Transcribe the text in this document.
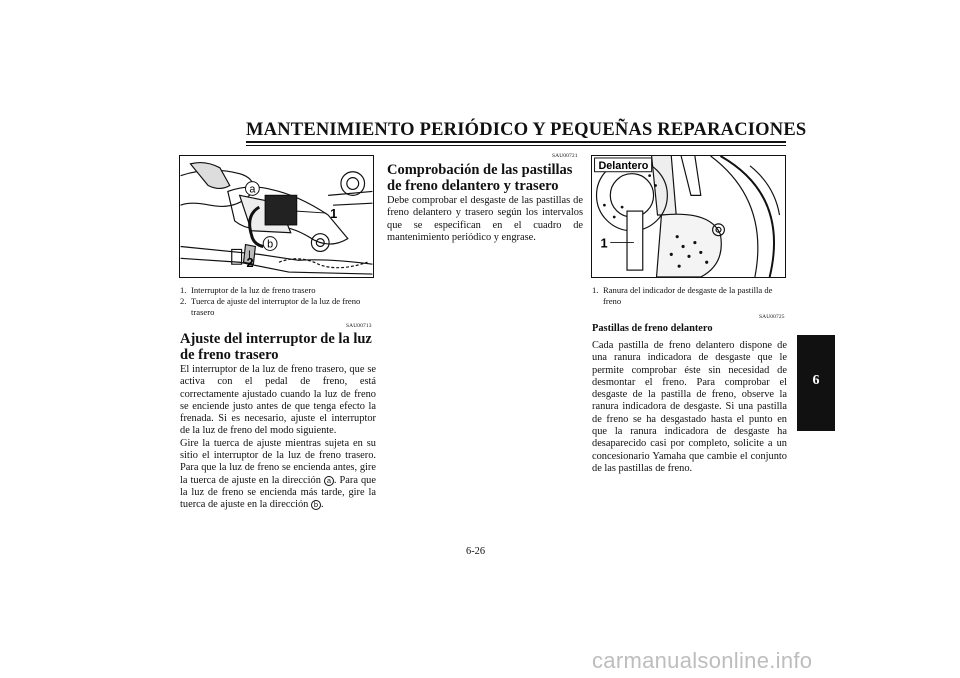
MANTENIMIENTO PERIÓDICO Y PEQUEÑAS REPARACIONES
6
a
b
1
2
1. Interruptor de la luz de freno trasero
2. Tuerca de ajuste del interruptor de la luz de freno trasero
SAU00713
Ajuste del interruptor de la luz de freno trasero

El interruptor de la luz de freno trasero, que se activa con el pedal de freno, está correctamente ajustado cuando la luz de freno se enciende justo antes de que tenga efecto la frenada. Si es necesario, ajuste el interruptor de la luz de freno del modo siguiente.

Gire la tuerca de ajuste mientras sujeta en su sitio el interruptor de la luz de freno trasero. Para que la luz de freno se encienda antes, gire la tuerca de ajuste en la dirección a . Para que la luz de freno se encienda más tarde, gire la tuerca de ajuste en la dirección b .

SAU00721
Comprobación de las pastillas de freno delantero y trasero
Debe comprobar el desgaste de las pastillas de freno delantero y trasero según los intervalos que se especifican en el cuadro de mantenimiento periódico y engrase.
Delantero
1
1. Ranura del indicador de desgaste de la pastilla de freno
SAU00725
Pastillas de freno delantero
Cada pastilla de freno delantero dispone de una ranura indicadora de desgaste que le permite comprobar éste sin necesidad de desmontar el freno. Para comprobar el desgaste de la pastilla de freno, observe la ranura indicadora de desgaste. Si una pastilla de freno se ha desgastado hasta el punto en que la ranura indicadora de desgaste ha desaparecido casi por completo, solicite a un concesionario Yamaha que cambie el conjunto de las pastillas de freno.
6-26
carmanualsonline.info
